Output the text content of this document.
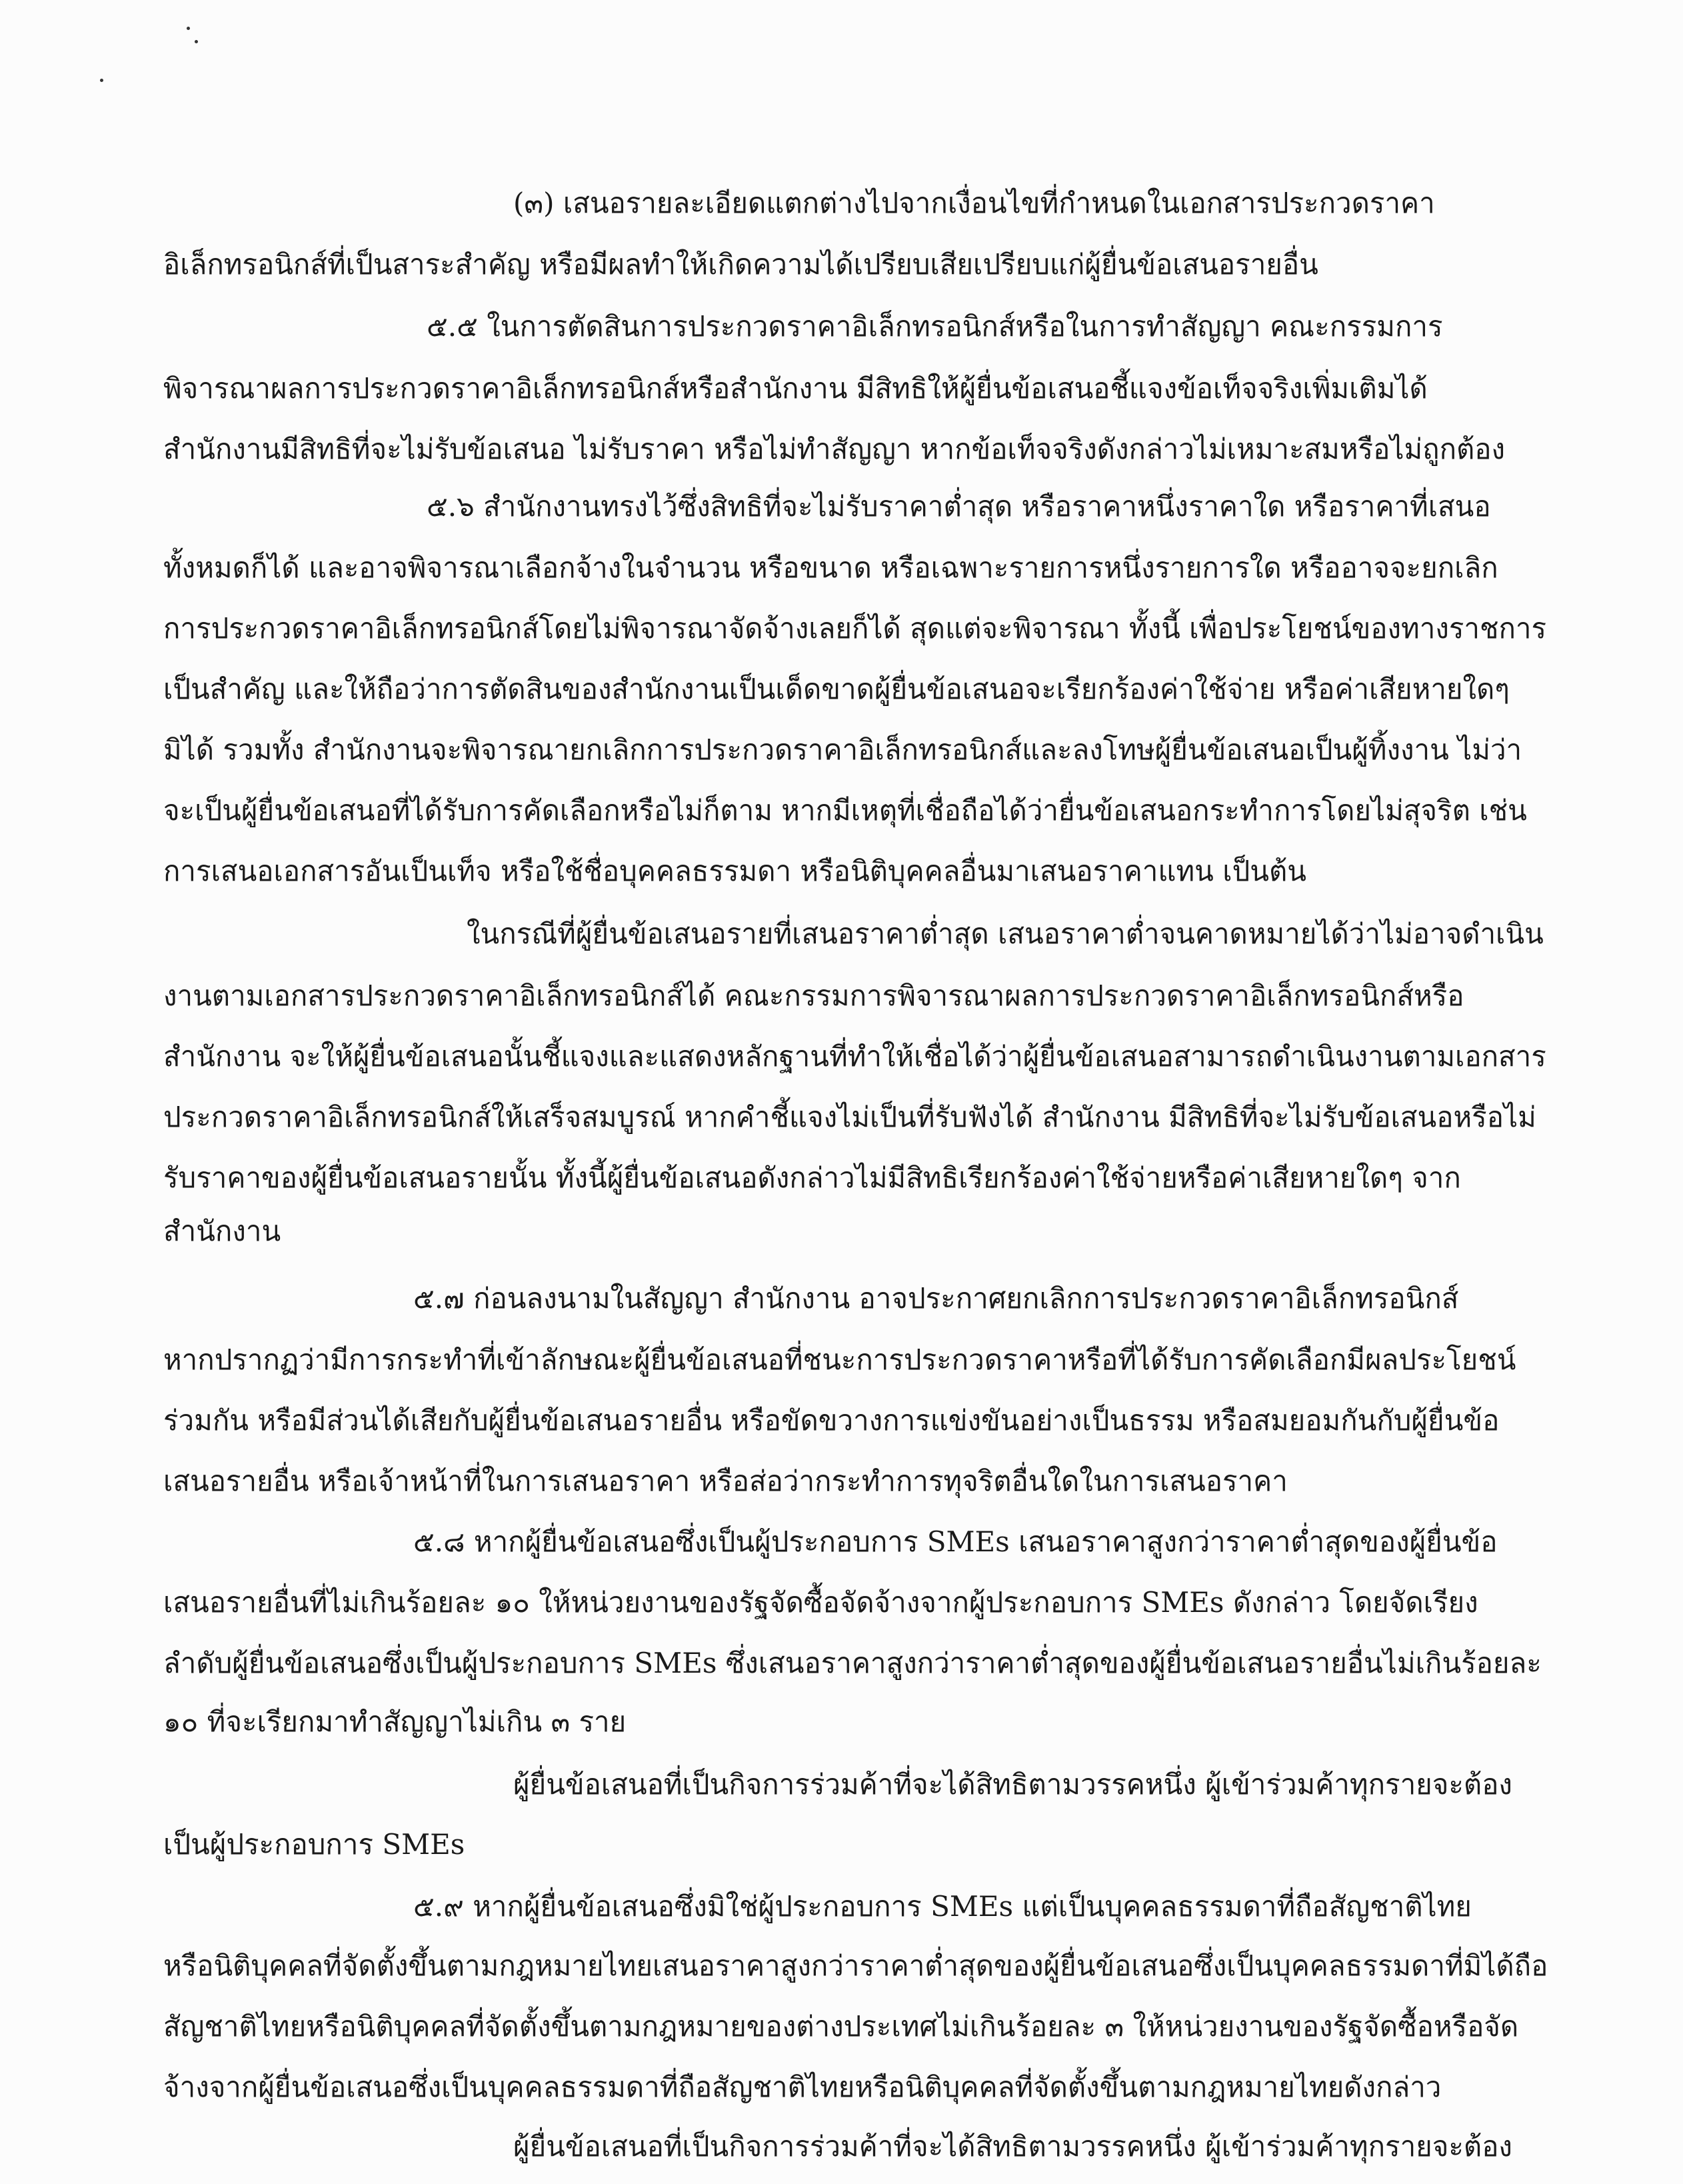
(๓) เสนอรายละเอียดแตกต่างไปจากเงื่อนไขที่กำหนดในเอกสารประกวดราคา
อิเล็กทรอนิกส์ที่เป็นสาระสำคัญ หรือมีผลทำให้เกิดความได้เปรียบเสียเปรียบแก่ผู้ยื่นข้อเสนอรายอื่น
๕.๕ ในการตัดสินการประกวดราคาอิเล็กทรอนิกส์หรือในการทำสัญญา คณะกรรมการ
พิจารณาผลการประกวดราคาอิเล็กทรอนิกส์หรือสำนักงาน มีสิทธิให้ผู้ยื่นข้อเสนอชี้แจงข้อเท็จจริงเพิ่มเติมได้
สำนักงานมีสิทธิที่จะไม่รับข้อเสนอ ไม่รับราคา หรือไม่ทำสัญญา หากข้อเท็จจริงดังกล่าวไม่เหมาะสมหรือไม่ถูกต้อง
๕.๖ สำนักงานทรงไว้ซึ่งสิทธิที่จะไม่รับราคาต่ำสุด หรือราคาหนึ่งราคาใด หรือราคาที่เสนอ
ทั้งหมดก็ได้ และอาจพิจารณาเลือกจ้างในจำนวน หรือขนาด หรือเฉพาะรายการหนึ่งรายการใด หรืออาจจะยกเลิก
การประกวดราคาอิเล็กทรอนิกส์โดยไม่พิจารณาจัดจ้างเลยก็ได้ สุดแต่จะพิจารณา ทั้งนี้ เพื่อประโยชน์ของทางราชการ
เป็นสำคัญ และให้ถือว่าการตัดสินของสำนักงานเป็นเด็ดขาดผู้ยื่นข้อเสนอจะเรียกร้องค่าใช้จ่าย หรือค่าเสียหายใดๆ
มิได้ รวมทั้ง สำนักงานจะพิจารณายกเลิกการประกวดราคาอิเล็กทรอนิกส์และลงโทษผู้ยื่นข้อเสนอเป็นผู้ทิ้งงาน ไม่ว่า
จะเป็นผู้ยื่นข้อเสนอที่ได้รับการคัดเลือกหรือไม่ก็ตาม หากมีเหตุที่เชื่อถือได้ว่ายื่นข้อเสนอกระทำการโดยไม่สุจริต เช่น
การเสนอเอกสารอันเป็นเท็จ หรือใช้ชื่อบุคคลธรรมดา หรือนิติบุคคลอื่นมาเสนอราคาแทน เป็นต้น
ในกรณีที่ผู้ยื่นข้อเสนอรายที่เสนอราคาต่ำสุด เสนอราคาต่ำจนคาดหมายได้ว่าไม่อาจดำเนิน
งานตามเอกสารประกวดราคาอิเล็กทรอนิกส์ได้ คณะกรรมการพิจารณาผลการประกวดราคาอิเล็กทรอนิกส์หรือ
สำนักงาน จะให้ผู้ยื่นข้อเสนอนั้นชี้แจงและแสดงหลักฐานที่ทำให้เชื่อได้ว่าผู้ยื่นข้อเสนอสามารถดำเนินงานตามเอกสาร
ประกวดราคาอิเล็กทรอนิกส์ให้เสร็จสมบูรณ์ หากคำชี้แจงไม่เป็นที่รับฟังได้ สำนักงาน มีสิทธิที่จะไม่รับข้อเสนอหรือไม่
รับราคาของผู้ยื่นข้อเสนอรายนั้น ทั้งนี้ผู้ยื่นข้อเสนอดังกล่าวไม่มีสิทธิเรียกร้องค่าใช้จ่ายหรือค่าเสียหายใดๆ จาก
สำนักงาน
๕.๗ ก่อนลงนามในสัญญา สำนักงาน อาจประกาศยกเลิกการประกวดราคาอิเล็กทรอนิกส์
หากปรากฏว่ามีการกระทำที่เข้าลักษณะผู้ยื่นข้อเสนอที่ชนะการประกวดราคาหรือที่ได้รับการคัดเลือกมีผลประโยชน์
ร่วมกัน หรือมีส่วนได้เสียกับผู้ยื่นข้อเสนอรายอื่น หรือขัดขวางการแข่งขันอย่างเป็นธรรม หรือสมยอมกันกับผู้ยื่นข้อ
เสนอรายอื่น หรือเจ้าหน้าที่ในการเสนอราคา หรือส่อว่ากระทำการทุจริตอื่นใดในการเสนอราคา
๕.๘ หากผู้ยื่นข้อเสนอซึ่งเป็นผู้ประกอบการ SMEs เสนอราคาสูงกว่าราคาต่ำสุดของผู้ยื่นข้อ
เสนอรายอื่นที่ไม่เกินร้อยละ ๑๐ ให้หน่วยงานของรัฐจัดซื้อจัดจ้างจากผู้ประกอบการ SMEs ดังกล่าว โดยจัดเรียง
ลำดับผู้ยื่นข้อเสนอซึ่งเป็นผู้ประกอบการ SMEs ซึ่งเสนอราคาสูงกว่าราคาต่ำสุดของผู้ยื่นข้อเสนอรายอื่นไม่เกินร้อยละ
๑๐ ที่จะเรียกมาทำสัญญาไม่เกิน ๓ ราย
ผู้ยื่นข้อเสนอที่เป็นกิจการร่วมค้าที่จะได้สิทธิตามวรรคหนึ่ง ผู้เข้าร่วมค้าทุกรายจะต้อง
เป็นผู้ประกอบการ SMEs
๕.๙ หากผู้ยื่นข้อเสนอซึ่งมิใช่ผู้ประกอบการ SMEs แต่เป็นบุคคลธรรมดาที่ถือสัญชาติไทย
หรือนิติบุคคลที่จัดตั้งขึ้นตามกฎหมายไทยเสนอราคาสูงกว่าราคาต่ำสุดของผู้ยื่นข้อเสนอซึ่งเป็นบุคคลธรรมดาที่มิได้ถือ
สัญชาติไทยหรือนิติบุคคลที่จัดตั้งขึ้นตามกฎหมายของต่างประเทศไม่เกินร้อยละ ๓ ให้หน่วยงานของรัฐจัดซื้อหรือจัด
จ้างจากผู้ยื่นข้อเสนอซึ่งเป็นบุคคลธรรมดาที่ถือสัญชาติไทยหรือนิติบุคคลที่จัดตั้งขึ้นตามกฎหมายไทยดังกล่าว
ผู้ยื่นข้อเสนอที่เป็นกิจการร่วมค้าที่จะได้สิทธิตามวรรคหนึ่ง ผู้เข้าร่วมค้าทุกรายจะต้อง
